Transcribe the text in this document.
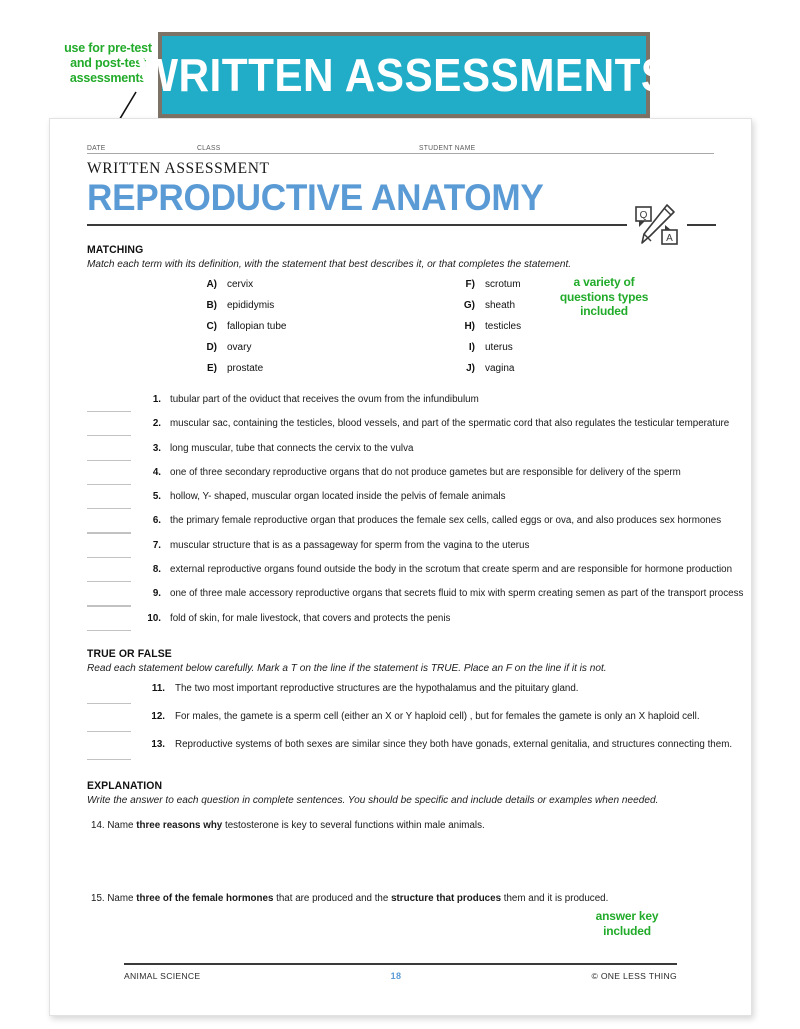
use for pre-test
and post-test
assessments
WRITTEN ASSESSMENTS
DATE	CLASS	STUDENT NAME
WRITTEN ASSESSMENT
REPRODUCTIVE ANATOMY	Q
A
MATCHING
Match each term with its definition, with the statement that best describes it, or that completes the statement.
A) cervix
B) epididymis
C) fallopian tube
D) ovary
E) prostate
F) scrotum
G) sheath
H) testicles
I) uterus
J) vagina
a variety of
questions types
included
1. tubular part of the oviduct that receives the ovum from the infundibulum
2. muscular sac, containing the testicles, blood vessels, and part of the spermatic cord that also regulates the testicular temperature
3. long muscular, tube that connects the cervix to the vulva
4. one of three secondary reproductive organs that do not produce gametes but are responsible for delivery of the sperm
5. hollow, Y- shaped, muscular organ located inside the pelvis of female animals
6. the primary female reproductive organ that produces the female sex cells, called eggs or ova, and also produces sex hormones
7. muscular structure that is as a passageway for sperm from the vagina to the uterus
8. external reproductive organs found outside the body in the scrotum that create sperm and are responsible for hormone production
9. one of three male accessory reproductive organs that secrets fluid to mix with sperm creating semen as part of the transport process
10. fold of skin, for male livestock, that covers and protects the penis
TRUE OR FALSE
Read each statement below carefully. Mark a T on the line if the statement is TRUE. Place an F on the line if it is not.
11. The two most important reproductive structures are the hypothalamus and the pituitary gland.
12. For males, the gamete is a sperm cell (either an X or Y haploid cell) , but for females the gamete is only an X haploid cell.
13. Reproductive systems of both sexes are similar since they both have gonads, external genitalia, and structures connecting them.
EXPLANATION
Write the answer to each question in complete sentences. You should be specific and include details or examples when needed.
14. Name three reasons why testosterone is key to several functions within male animals.
15. Name three of the female hormones that are produced and the structure that produces them and it is produced.
answer key
included
ANIMAL SCIENCE	18	© ONE LESS THING
